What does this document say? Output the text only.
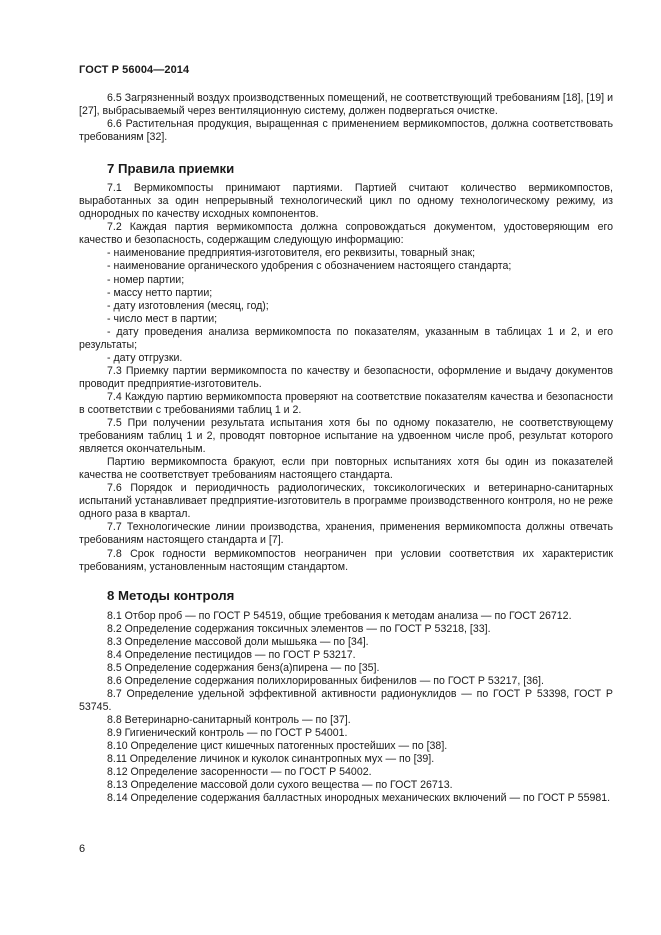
ГОСТ Р 56004—2014

6.5 Загрязненный воздух производственных помещений, не соответствующий требованиям [18], [19] и [27], выбрасываемый через вентиляционную систему, должен подвергаться очистке.

6.6 Растительная продукция, выращенная с применением вермикомпостов, должна соответствовать требованиям [32].

7 Правила приемки

7.1 Вермикомпосты принимают партиями. Партией считают количество вермикомпостов, выработанных за один непрерывный технологический цикл по одному технологическому режиму, из однородных по качеству исходных компонентов.

7.2 Каждая партия вермикомпоста должна сопровождаться документом, удостоверяющим его качество и безопасность, содержащим следующую информацию:

- наименование предприятия-изготовителя, его реквизиты, товарный знак;

- наименование органического удобрения с обозначением настоящего стандарта;

- номер партии;

- массу нетто партии;

- дату изготовления (месяц, год);

- число мест в партии;

- дату проведения анализа вермикомпоста по показателям, указанным в таблицах 1 и 2, и его результаты;

- дату отгрузки.

7.3 Приемку партии вермикомпоста по качеству и безопасности, оформление и выдачу документов проводит предприятие-изготовитель.

7.4 Каждую партию вермикомпоста проверяют на соответствие показателям качества и безопасности в соответствии с требованиями таблиц 1 и 2.

7.5 При получении результата испытания хотя бы по одному показателю, не соответствующему требованиям таблиц 1 и 2, проводят повторное испытание на удвоенном числе проб, результат которого является окончательным.

Партию вермикомпоста бракуют, если при повторных испытаниях хотя бы один из показателей качества не соответствует требованиям настоящего стандарта.

7.6 Порядок и периодичность радиологических, токсикологических и ветеринарно-санитарных испытаний устанавливает предприятие-изготовитель в программе производственного контроля, но не реже одного раза в квартал.

7.7 Технологические линии производства, хранения, применения вермикомпоста должны отвечать требованиям настоящего стандарта и [7].

7.8 Срок годности вермикомпостов неограничен при условии соответствия их характеристик требованиям, установленным настоящим стандартом.

8 Методы контроля

8.1 Отбор проб — по ГОСТ Р 54519, общие требования к методам анализа — по ГОСТ 26712.

8.2 Определение содержания токсичных элементов — по ГОСТ Р 53218, [33].

8.3 Определение массовой доли мышьяка — по [34].

8.4 Определение пестицидов — по ГОСТ Р 53217.

8.5 Определение содержания бенз(а)пирена — по [35].

8.6 Определение содержания полихлорированных бифенилов — по ГОСТ Р 53217, [36].

8.7 Определение удельной эффективной активности радионуклидов — по ГОСТ Р 53398, ГОСТ Р 53745.

8.8 Ветеринарно-санитарный контроль — по [37].

8.9 Гигиенический контроль — по ГОСТ Р 54001.

8.10 Определение цист кишечных патогенных простейших — по [38].

8.11 Определение личинок и куколок синантропных мух — по [39].

8.12 Определение засоренности — по ГОСТ Р 54002.

8.13 Определение массовой доли сухого вещества — по ГОСТ 26713.

8.14 Определение содержания балластных инородных механических включений — по ГОСТ Р 55981.

6
